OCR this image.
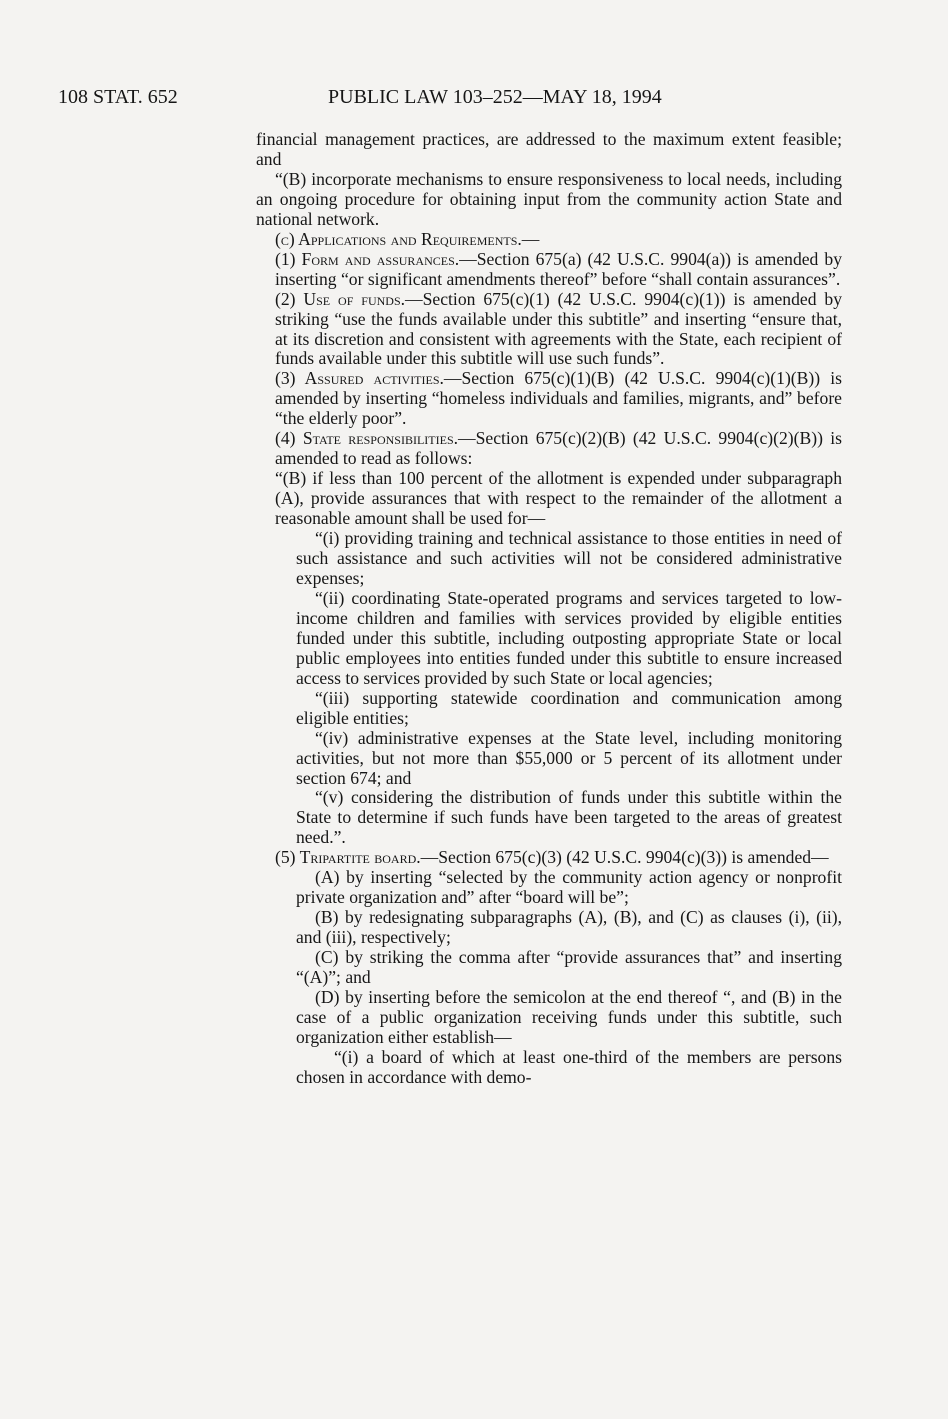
108 STAT. 652	PUBLIC LAW 103–252—MAY 18, 1994

financial management practices, are addressed to the maximum extent feasible; and

“(B) incorporate mechanisms to ensure responsiveness to local needs, including an ongoing procedure for obtaining input from the community action State and national network.

(c) Applications and Requirements.—

(1) Form and assurances.—Section 675(a) (42 U.S.C. 9904(a)) is amended by inserting “or significant amendments thereof” before “shall contain assurances”.

(2) Use of funds.—Section 675(c)(1) (42 U.S.C. 9904(c)(1)) is amended by striking “use the funds available under this subtitle” and inserting “ensure that, at its discretion and consistent with agreements with the State, each recipient of funds available under this subtitle will use such funds”.

(3) Assured activities.—Section 675(c)(1)(B) (42 U.S.C. 9904(c)(1)(B)) is amended by inserting “homeless individuals and families, migrants, and” before “the elderly poor”.

(4) State responsibilities.—Section 675(c)(2)(B) (42 U.S.C. 9904(c)(2)(B)) is amended to read as follows:

“(B) if less than 100 percent of the allotment is expended under subparagraph (A), provide assurances that with respect to the remainder of the allotment a reasonable amount shall be used for—

“(i) providing training and technical assistance to those entities in need of such assistance and such activities will not be considered administrative expenses;

“(ii) coordinating State-operated programs and services targeted to low-income children and families with services provided by eligible entities funded under this subtitle, including outposting appropriate State or local public employees into entities funded under this subtitle to ensure increased access to services provided by such State or local agencies;

“(iii) supporting statewide coordination and communication among eligible entities;

“(iv) administrative expenses at the State level, including monitoring activities, but not more than $55,000 or 5 percent of its allotment under section 674; and

“(v) considering the distribution of funds under this subtitle within the State to determine if such funds have been targeted to the areas of greatest need.”.

(5) Tripartite board.—Section 675(c)(3) (42 U.S.C. 9904(c)(3)) is amended—

(A) by inserting “selected by the community action agency or nonprofit private organization and” after “board will be”;

(B) by redesignating subparagraphs (A), (B), and (C) as clauses (i), (ii), and (iii), respectively;

(C) by striking the comma after “provide assurances that” and inserting “(A)”; and

(D) by inserting before the semicolon at the end thereof “, and (B) in the case of a public organization receiving funds under this subtitle, such organization either establish—

“(i) a board of which at least one-third of the members are persons chosen in accordance with demo-
